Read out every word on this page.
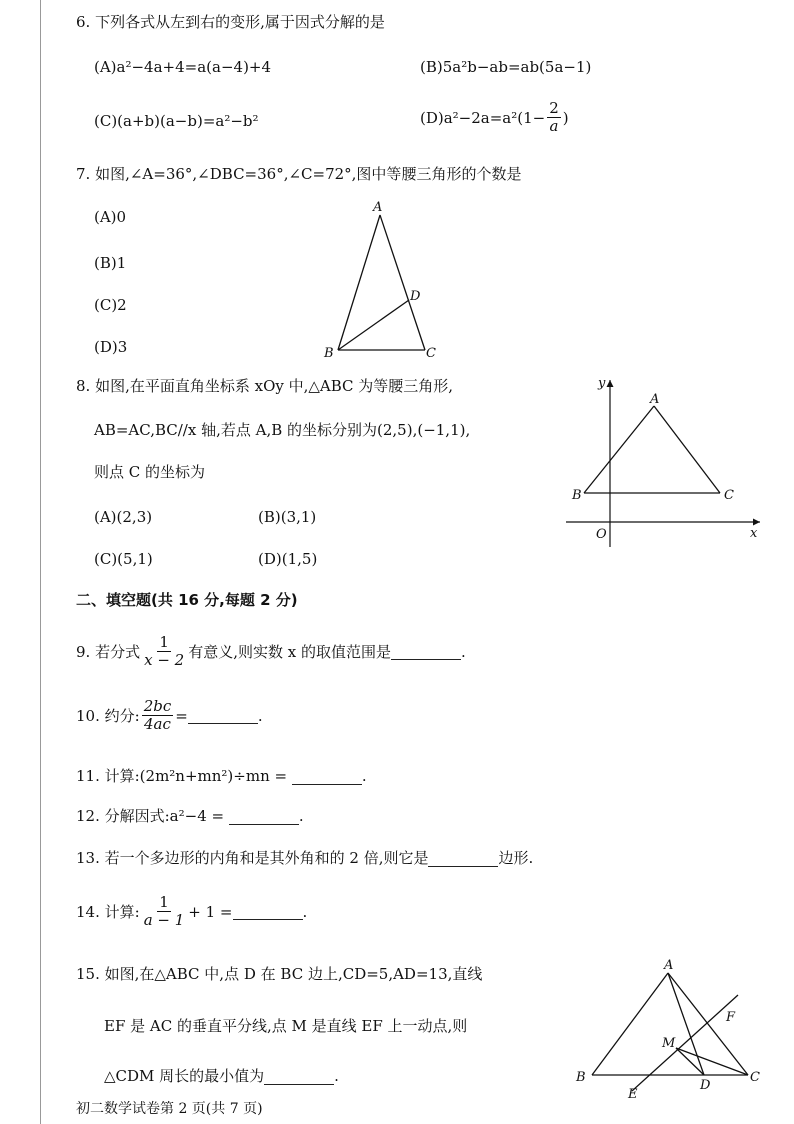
6. 下列各式从左到右的变形,属于因式分解的是
(A)a²−4a+4=a(a−4)+4	(B)5a²b−ab=ab(5a−1)
(C)(a+b)(a−b)=a²−b²	$(D)a^2-2a=a^2(1- \frac{2}{a}$ )
7. 如图,∠A=36°,∠DBC=36°,∠C=72°,图中等腰三角形的个数是
(A)0
(B)1
(C)2
(D)3
A
B	C
D
8. 如图,在平面直角坐标系 xOy 中,△ABC 为等腰三角形,
AB=AC,BC//x 轴,若点 A,B 的坐标分别为(2,5),(−1,1),
则点 C 的坐标为
(A)(2,3)	(B)(3,1)
(C)(5,1)	(D)(1,5)
y
x
O
A
B	C
二、填空题(共 16 分,每题 2 分)
9. 若分式 $\frac{1}{x - 2}$ 有意义,则实数 x 的取值范围是	.
10. 约分: $\frac{2bc}{4ac}$ =	.
11. 计算:(2m²n+mn²)÷mn =	.
12. 分解因式:a²−4 =	.
13. 若一个多边形的内角和是其外角和的 2 倍,则它是	边形.
14. 计算: $\frac{1}{a - 1} + 1$ =	.
15. 如图,在△ABC 中,点 D 在 BC 边上,CD=5,AD=13,直线
EF 是 AC 的垂直平分线,点 M 是直线 EF 上一动点,则
△CDM 周长的最小值为	.
A
B	C
D
E
F
M
初二数学试卷第 2 页(共 7 页)
